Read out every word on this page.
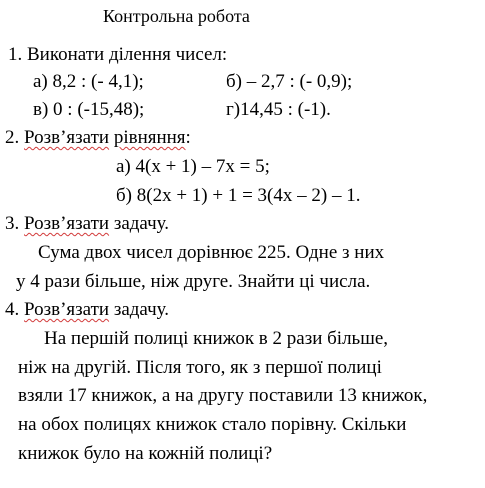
Контрольна робота
1. Виконати ділення чисел:
а) 8,2 : (- 4,1);	б) – 2,7 : (- 0,9);
в) 0 : (-15,48);	г)14,45 : (-1).
2. Розв’язати рівняння:
а) 4(х + 1) – 7х = 5;
б) 8(2х + 1) + 1 = 3(4х – 2) – 1.
3. Розв’язати задачу.
Сума двох чисел дорівнює 225. Одне з них
у 4 рази більше, ніж друге. Знайти ці числа.
4. Розв’язати задачу.
На першій полиці книжок в 2 рази більше,
ніж на другій. Після того, як з першої полиці
взяли 17 книжок, а на другу поставили 13 книжок,
на обох полицях книжок стало порівну. Скільки
книжок було на кожній полиці?
